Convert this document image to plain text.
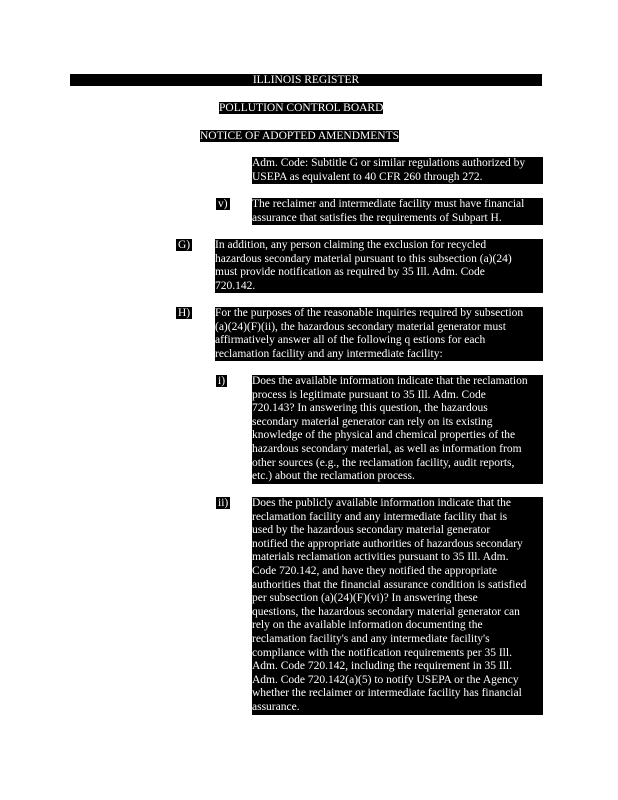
ILLINOIS REGISTER
POLLUTION CONTROL BOARD
NOTICE OF ADOPTED AMENDMENTS
Adm. Code: Subtitle G or similar regulations authorized by
USEPA as equivalent to 40 CFR 260 through 272.
v) The reclaimer and intermediate facility must have financial
assurance that satisfies the requirements of Subpart H.
G) In addition, any person claiming the exclusion for recycled
hazardous secondary material pursuant to this subsection (a)(24)
must provide notification as required by 35 Ill. Adm. Code
720.142.
H) For the purposes of the reasonable inquiries required by subsection
(a)(24)(F)(ii), the hazardous secondary material generator must
affirmatively answer all of the following q estions for each
reclamation facility and any intermediate facility:
i) Does the available information indicate that the reclamation
process is legitimate pursuant to 35 Ill. Adm. Code
720.143? In answering this question, the hazardous
secondary material generator can rely on its existing
knowledge of the physical and chemical properties of the
hazardous secondary material, as well as information from
other sources (e.g., the reclamation facility, audit reports,
etc.) about the reclamation process.
ii) Does the publicly available information indicate that the
reclamation facility and any intermediate facility that is
used by the hazardous secondary material generator
notified the appropriate authorities of hazardous secondary
materials reclamation activities pursuant to 35 Ill. Adm.
Code 720.142, and have they notified the appropriate
authorities that the financial assurance condition is satisfied
per subsection (a)(24)(F)(vi)? In answering these
questions, the hazardous secondary material generator can
rely on the available information documenting the
reclamation facility's and any intermediate facility's
compliance with the notification requirements per 35 Ill.
Adm. Code 720.142, including the requirement in 35 Ill.
Adm. Code 720.142(a)(5) to notify USEPA or the Agency
whether the reclaimer or intermediate facility has financial
assurance.
